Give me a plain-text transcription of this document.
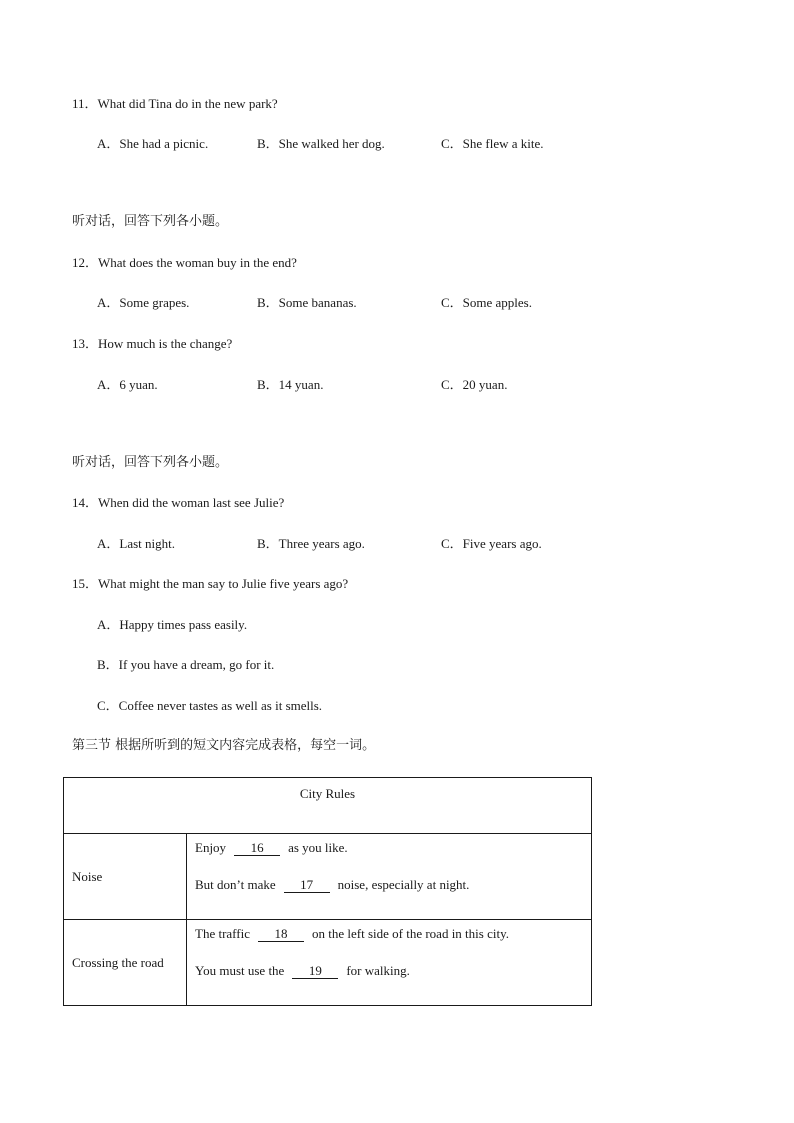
11．What did Tina do in the new park?
A．She had a picnic.	B．She walked her dog.	C．She flew a kite.
听对话，回答下列各小题。
12．What does the woman buy in the end?
A．Some grapes.	B．Some bananas.	C．Some apples.
13．How much is the change?
A．6 yuan.	B．14 yuan.	C．20 yuan.
听对话，回答下列各小题。
14．When did the woman last see Julie?
A．Last night.	B．Three years ago.	C．Five years ago.
15．What might the man say to Julie five years ago?
A．Happy times pass easily.
B．If you have a dream, go for it.
C．Coffee never tastes as well as it smells.
第三节 根据所听到的短文内容完成表格，每空一词。
City Rules	
Noise	Enjoy 16 as you like.
But don’t make 17 noise, especially at night.

Crossing the road	The traffic 18 on the left side of the road in this city.
You must use the 19 for walking.
